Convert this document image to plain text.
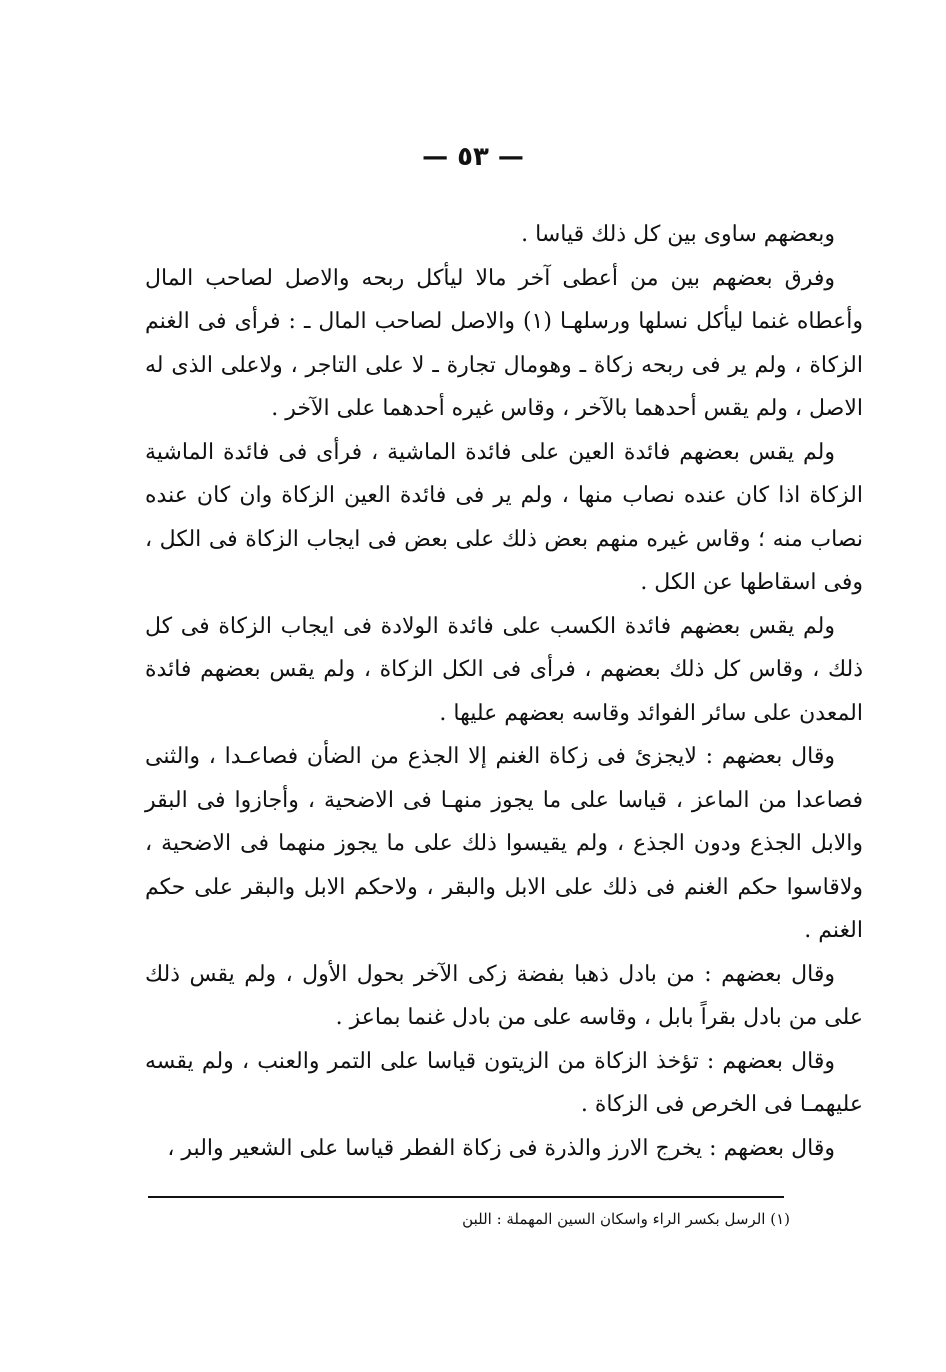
— ٥٣ —

وبعضهم ساوى بين كل ذلك قياسا .

وفرق بعضهم بين من أعطى آخر مالا ليأكل ربحه والاصل لصاحب المال وأعطاه غنما ليأكل نسلها ورسلهـا (١) والاصل لصاحب المال ـ : فرأى فى الغنم الزكاة ، ولم ير فى ربحه زكاة ـ وهومال تجارة ـ لا على التاجر ، ولاعلى الذى له الاصل ، ولم يقس أحدهما بالآخر ، وقاس غيره أحدهما على الآخر .

ولم يقس بعضهم فائدة العين على فائدة الماشية ، فرأى فى فائدة الماشية الزكاة اذا كان عنده نصاب منها ، ولم ير فى فائدة العين الزكاة وان كان عنده نصاب منه ؛ وقاس غيره منهم بعض ذلك على بعض فى ايجاب الزكاة فى الكل ، وفى اسقاطها عن الكل .

ولم يقس بعضهم فائدة الكسب على فائدة الولادة فى ايجاب الزكاة فى كل ذلك ، وقاس كل ذلك بعضهم ، فرأى فى الكل الزكاة ، ولم يقس بعضهم فائدة المعدن على سائر الفوائد وقاسه بعضهم عليها .

وقال بعضهم : لايجزئ فى زكاة الغنم إلا الجذع من الضأن فصاعـدا ، والثنى فصاعدا من الماعز ، قياسا على ما يجوز منهـا فى الاضحية ، وأجازوا فى البقر والابل الجذع ودون الجذع ، ولم يقيسوا ذلك على ما يجوز منهما فى الاضحية ، ولاقاسوا حكم الغنم فى ذلك على الابل والبقر ، ولاحكم الابل والبقر على حكم الغنم .

وقال بعضهم : من بادل ذهبا بفضة زكى الآخر بحول الأول ، ولم يقس ذلك على من بادل بقراً بابل ، وقاسه على من بادل غنما بماعز .

وقال بعضهم : تؤخذ الزكاة من الزيتون قياسا على التمر والعنب ، ولم يقسه عليهمـا فى الخرص فى الزكاة .

وقال بعضهم : يخرج الارز والذرة فى زكاة الفطر قياسا على الشعير والبر ،

(١) الرسل بكسر الراء واسكان السين المهملة : اللبن
